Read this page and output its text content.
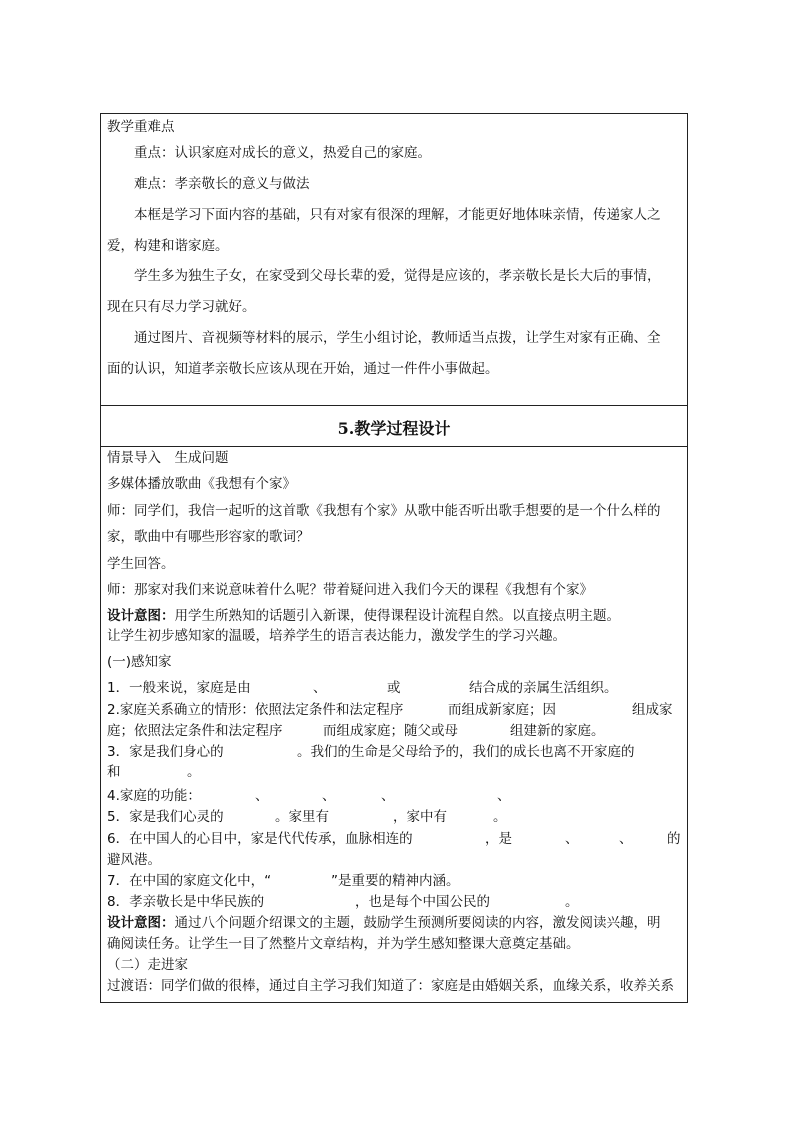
教学重难点
重点：认识家庭对成长的意义，热爱自己的家庭。
难点：孝亲敬长的意义与做法
本框是学习下面内容的基础，只有对家有很深的理解，才能更好地体味亲情，传递家人之
爱，构建和谐家庭。
学生多为独生子女，在家受到父母长辈的爱，觉得是应该的，孝亲敬长是长大后的事情，
现在只有尽力学习就好。
通过图片、音视频等材料的展示，学生小组讨论，教师适当点拨，让学生对家有正确、全
面的认识，知道孝亲敬长应该从现在开始，通过一件件小事做起。
5.教学过程设计
情景导入　生成问题
多媒体播放歌曲《我想有个家》
师：同学们，我信一起听的这首歌《我想有个家》从歌中能否听出歌手想要的是一个什么样的
家，歌曲中有哪些形容家的歌词？
学生回答。
师：那家对我们来说意味着什么呢？带着疑问进入我们今天的课程《我想有个家》
设计意图：用学生所熟知的话题引入新课，使得课程设计流程自然。以直接点明主题。
让学生初步感知家的温暖，培养学生的语言表达能力，激发学生的学习兴趣。
(一)感知家
1．一般来说，家庭是由	、	或	结合成的亲属生活组织。
2.家庭关系确立的情形：依照法定条件和法定程序	而组成新家庭；因	组成家
庭；依照法定条件和法定程序	而组成家庭；随父或母	组建新的家庭。
3．家是我们身心的	。我们的生命是父母给予的，我们的成长也离不开家庭的
和	。
4.家庭的功能：	、	、	、	、
5．家是我们心灵的	。家里有	，家中有	。
6．在中国人的心目中，家是代代传承，血脉相连的	，是	、	、	的
避风港。
7．在中国的家庭文化中，“	”是重要的精神内涵。
8．孝亲敬长是中华民族的	，也是每个中国公民的	。
设计意图：通过八个问题介绍课文的主题，鼓励学生预测所要阅读的内容，激发阅读兴趣，明
确阅读任务。让学生一目了然整片文章结构，并为学生感知整课大意奠定基础。
（二）走进家
过渡语：同学们做的很棒，通过自主学习我们知道了：家庭是由婚姻关系，血缘关系，收养关系
